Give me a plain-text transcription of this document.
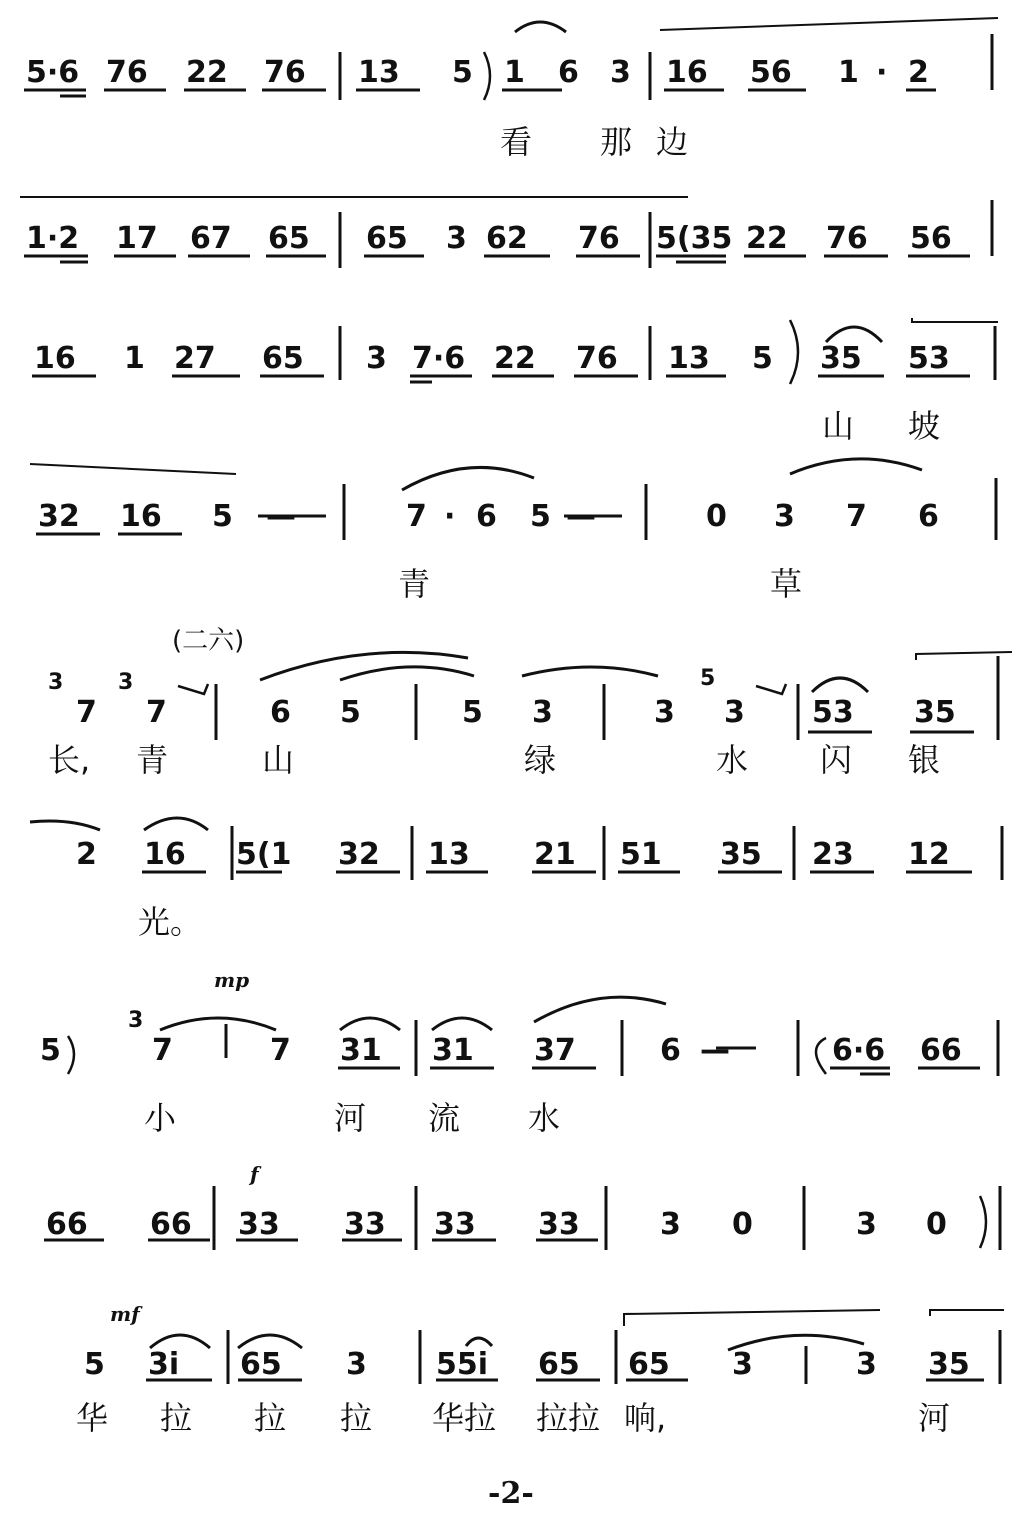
5·6 76 22 76 13 5 1 6 3 16 56 1 · 2
看 那 边
1·2 17 67 65 65 3 62 76 5(35 22 76 56
16 1 27 65 3 7·6 22 76 13 5 35 53
山 坡
32 16 5 —	7 · 6 5 —	0 3 7 6
青	草
(二六)
3 3	5
7 7	6 5	5 3	3 3 53 35
长, 青	山	绿	水 闪 银
2 16 5(1 32 13 21 51 35 23 12
光。
mp
3
5	7	7 31 31 37	6 —	6·6 66
小	河 流 水
f
66 66 33 33 33 33	3 0	3 0
mf
5 3i 65 3 55i 65 65 3	3 35
华 拉 拉 拉 华拉 拉拉 响,	河
-2-
